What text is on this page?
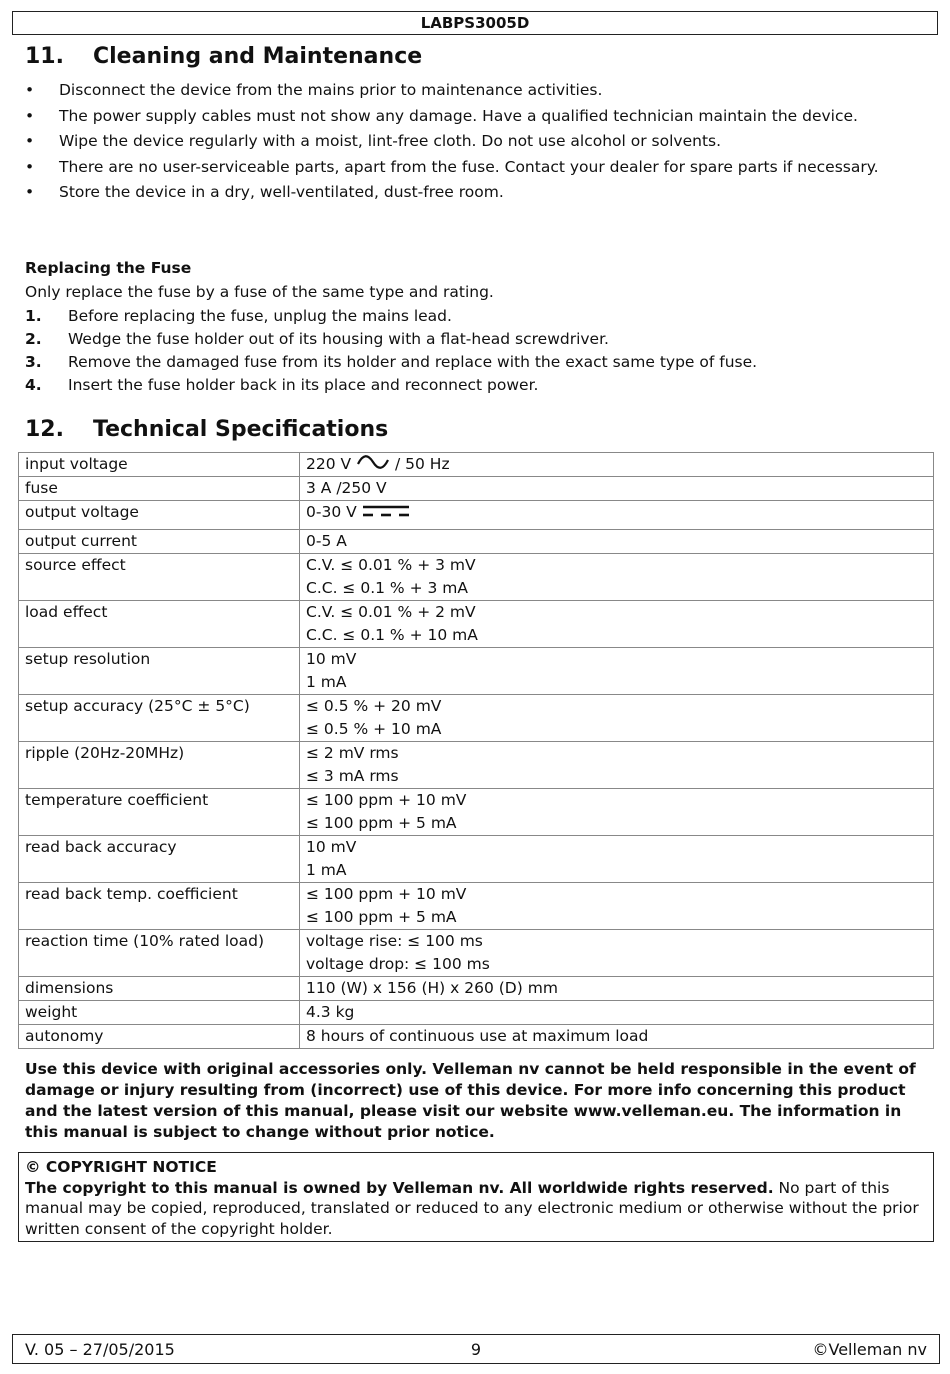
LABPS3005D
11. Cleaning and Maintenance
• Disconnect the device from the mains prior to maintenance activities.
• The power supply cables must not show any damage. Have a qualified technician maintain the device.
• Wipe the device regularly with a moist, lint-free cloth. Do not use alcohol or solvents.
• There are no user-serviceable parts, apart from the fuse. Contact your dealer for spare parts if necessary.
• Store the device in a dry, well-ventilated, dust-free room.
Replacing the Fuse
Only replace the fuse by a fuse of the same type and rating.
1. Before replacing the fuse, unplug the mains lead.
2. Wedge the fuse holder out of its housing with a flat-head screwdriver.
3. Remove the damaged fuse from its holder and replace with the exact same type of fuse.
4. Insert the fuse holder back in its place and reconnect power.
12. Technical Specifications
input voltage	220 V / 50 Hz
fuse	3 A /250 V
output voltage	0-30 V
output current	0-5 A
source effect	C.V. ≤ 0.01 % + 3 mV
C.C. ≤ 0.1 % + 3 mA

load effect	C.V. ≤ 0.01 % + 2 mV
C.C. ≤ 0.1 % + 10 mA

setup resolution	10 mV
1 mA

setup accuracy (25°C ± 5°C)	≤ 0.5 % + 20 mV
≤ 0.5 % + 10 mA

ripple (20Hz-20MHz)	≤ 2 mV rms
≤ 3 mA rms

temperature coefficient	≤ 100 ppm + 10 mV
≤ 100 ppm + 5 mA

read back accuracy	10 mV
1 mA

read back temp. coefficient	≤ 100 ppm + 10 mV
≤ 100 ppm + 5 mA

reaction time (10% rated load)	voltage rise: ≤ 100 ms
voltage drop: ≤ 100 ms

dimensions	110 (W) x 156 (H) x 260 (D) mm
weight	4.3 kg
autonomy	8 hours of continuous use at maximum load

Use this device with original accessories only. Velleman nv cannot be held responsible in the event of damage or injury resulting from (incorrect) use of this device. For more info concerning this product and the latest version of this manual, please visit our website www.velleman.eu. The information in this manual is subject to change without prior notice.

© COPYRIGHT NOTICE
The copyright to this manual is owned by Velleman nv. All worldwide rights reserved. No part of this manual may be copied, reproduced, translated or reduced to any electronic medium or otherwise without the prior written consent of the copyright holder.
V. 05 – 27/05/2015	9	©Velleman nv
